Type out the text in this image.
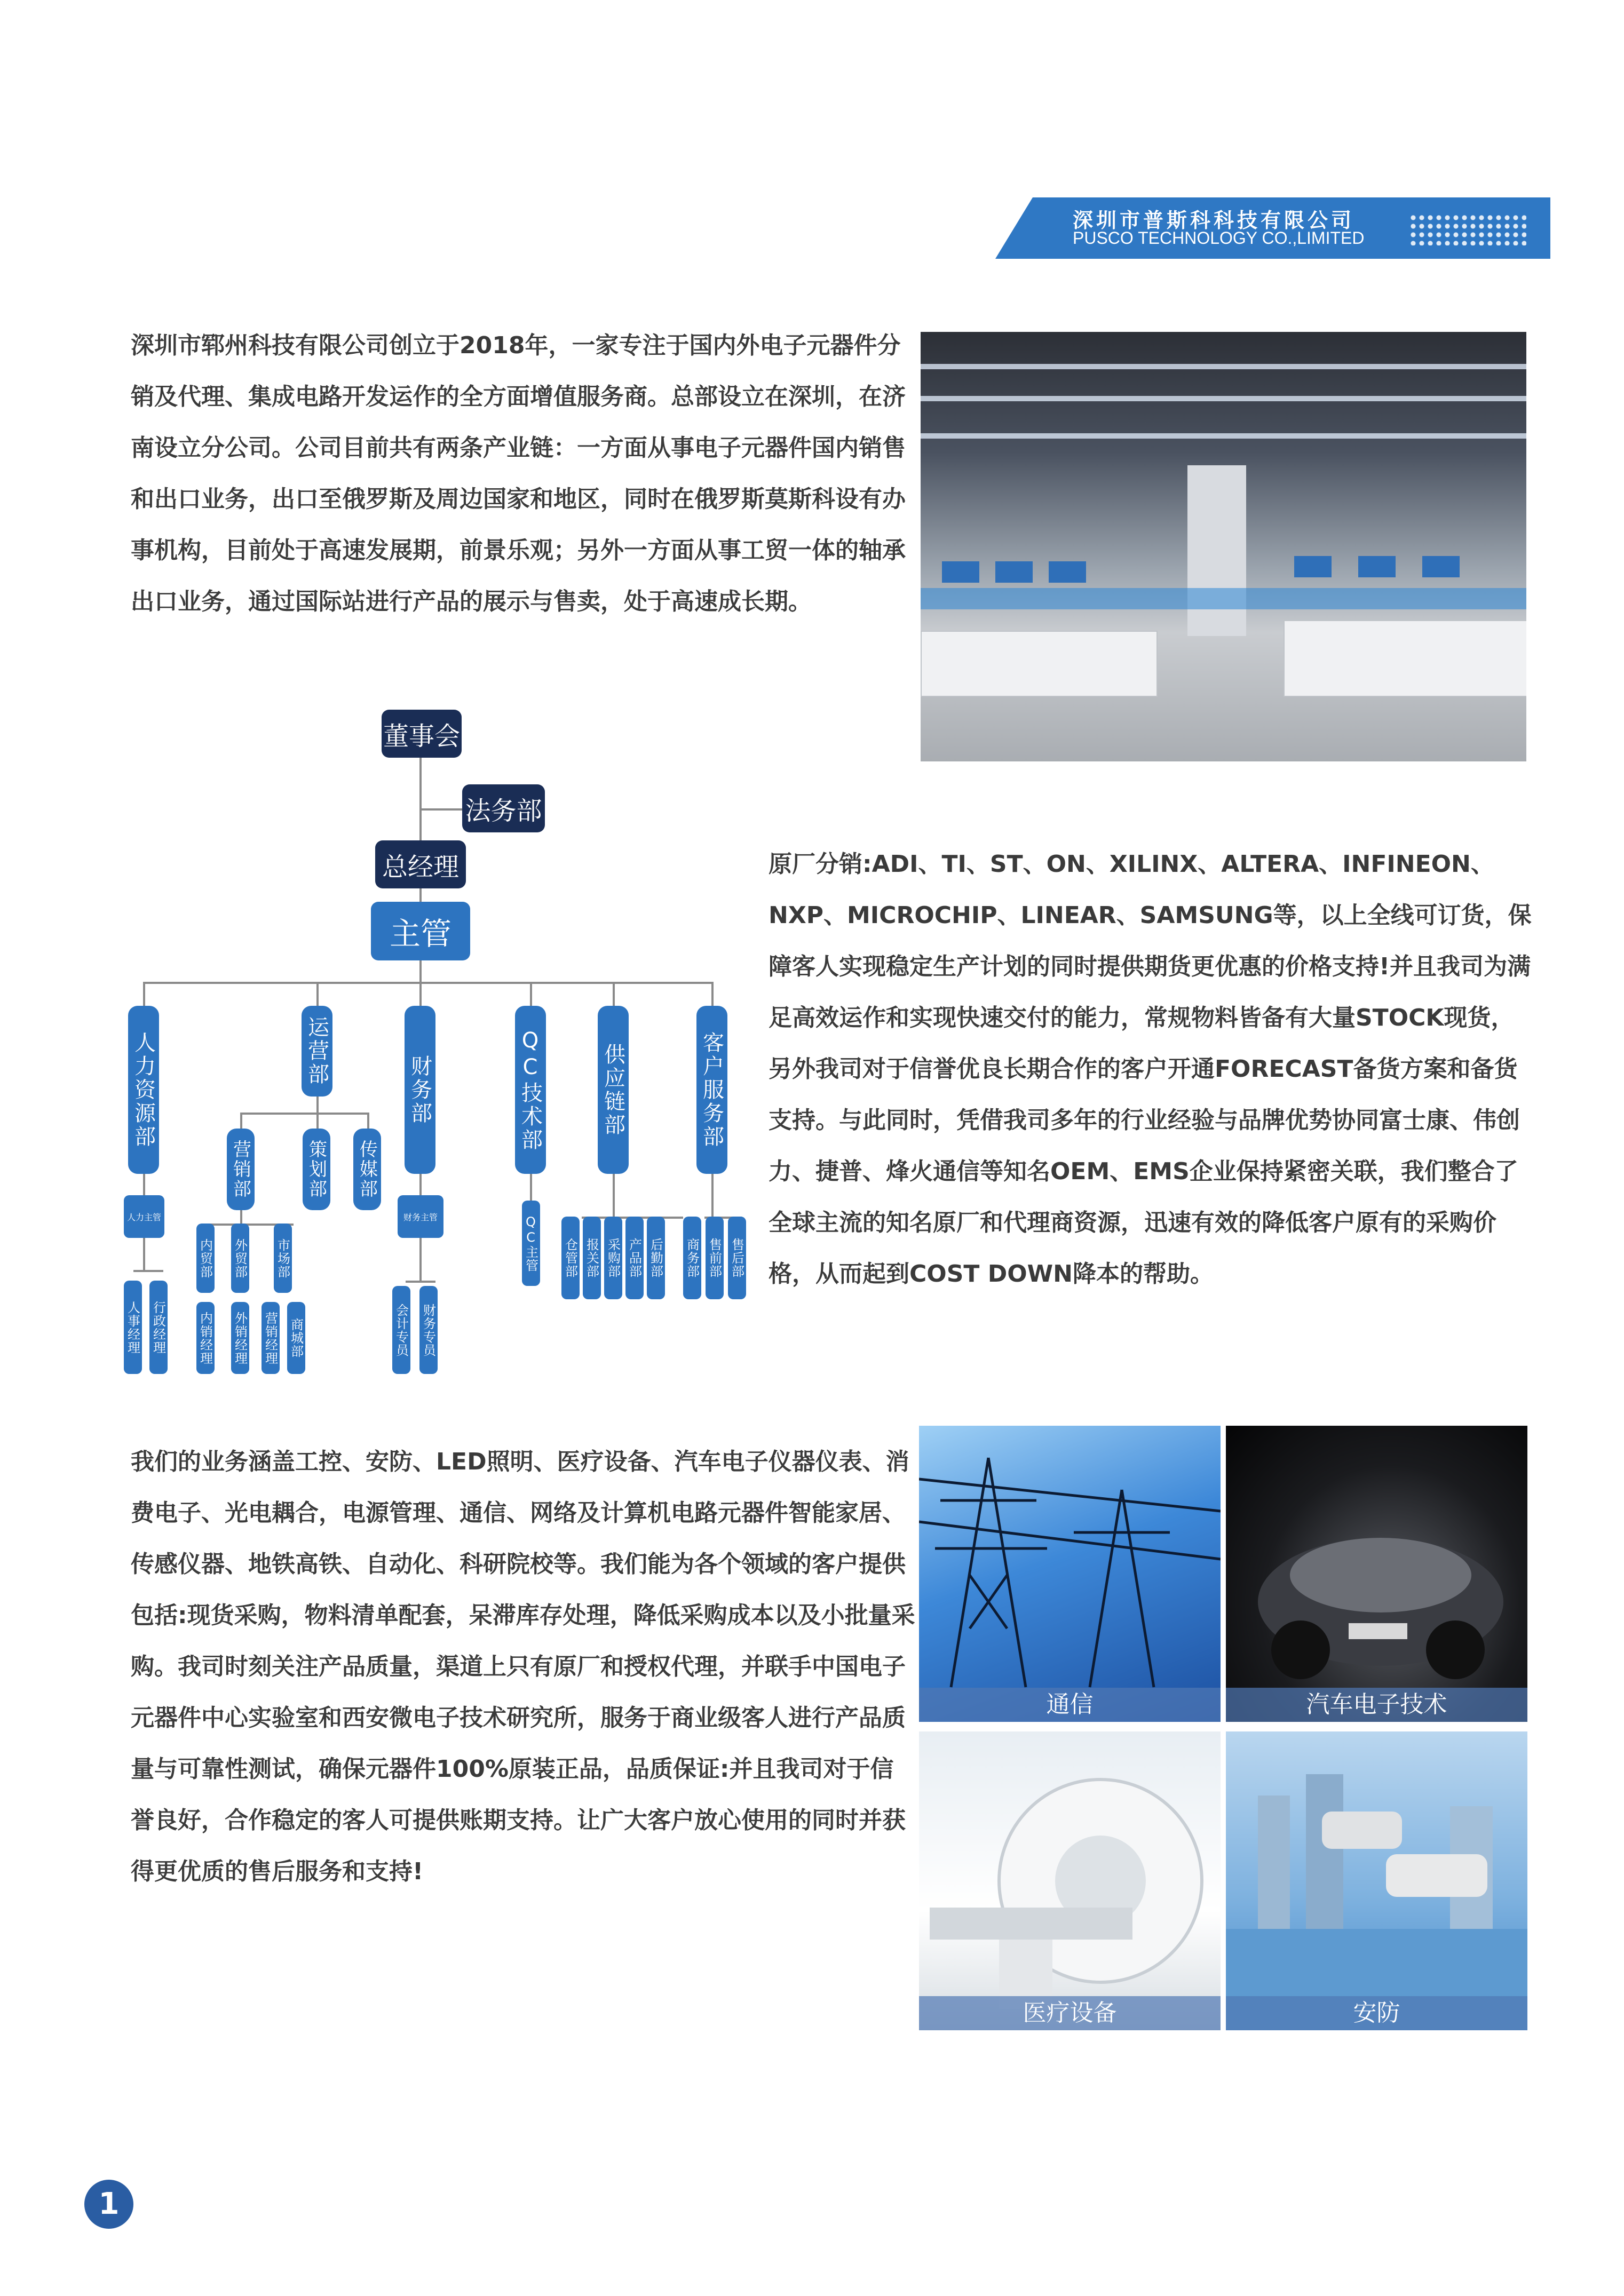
深圳市普斯科科技有限公司
PUSCO TECHNOLOGY CO.,LIMITED

深圳市郓州科技有限公司创立于2018年，一家专注于国内外电子元器件分销及代理、集成电路开发运作的全方面增值服务商。总部设立在深圳，在济南设立分公司。公司目前共有两条产业链：一方面从事电子元器件国内销售和出口业务，出口至俄罗斯及周边国家和地区，同时在俄罗斯莫斯科设有办事机构，目前处于高速发展期，前景乐观；另外一方面从事工贸一体的轴承出口业务，通过国际站进行产品的展示与售卖，处于高速成长期。

原厂分销:ADI、TI、ST、ON、XILINX、ALTERA、INFINEON、NXP、MICROCHIP、LINEAR、SAMSUNG等，以上全线可订货，保障客人实现稳定生产计划的同时提供期货更优惠的价格支持!并且我司为满足高效运作和实现快速交付的能力，常规物料皆备有大量STOCK现货，另外我司对于信誉优良长期合作的客户开通FORECAST备货方案和备货支持。与此同时，凭借我司多年的行业经验与品牌优势协同富士康、伟创力、捷普、烽火通信等知名OEM、EMS企业保持紧密关联，我们整合了全球主流的知名原厂和代理商资源，迅速有效的降低客户原有的采购价格，从而起到COST DOWN降本的帮助。

我们的业务涵盖工控、安防、LED照明、医疗设备、汽车电子仪器仪表、消费电子、光电耦合，电源管理、通信、网络及计算机电路元器件智能家居、传感仪器、地铁高铁、自动化、科研院校等。我们能为各个领域的客户提供包括:现货采购，物料清单配套，呆滞库存处理，降低采购成本以及小批量采购。我司时刻关注产品质量，渠道上只有原厂和授权代理，并联手中国电子元器件中心实验室和西安微电子技术研究所，服务于商业级客人进行产品质量与可靠性测试，确保元器件100%原装正品，品质保证:并且我司对于信誉良好，合作稳定的客人可提供账期支持。让广大客户放心使用的同时并获得更优质的售后服务和支持!

董事会
法务部
总经理
主管
人力资源部	运营部
财务部	QC技术部	供应链部	客户服务部
营销部	策划部 传媒部
人力主管	财务主管	QC主管
人事经理 行政经理
内贸部 外贸部 市场部
内销经理 外销经理 营销经理 商城部	会计专员 财务专员
仓管部 报关部 采购部 产品部 后勤部 商务部 售前部 售后部
通信	汽车电子技术
医疗设备	安防
1
